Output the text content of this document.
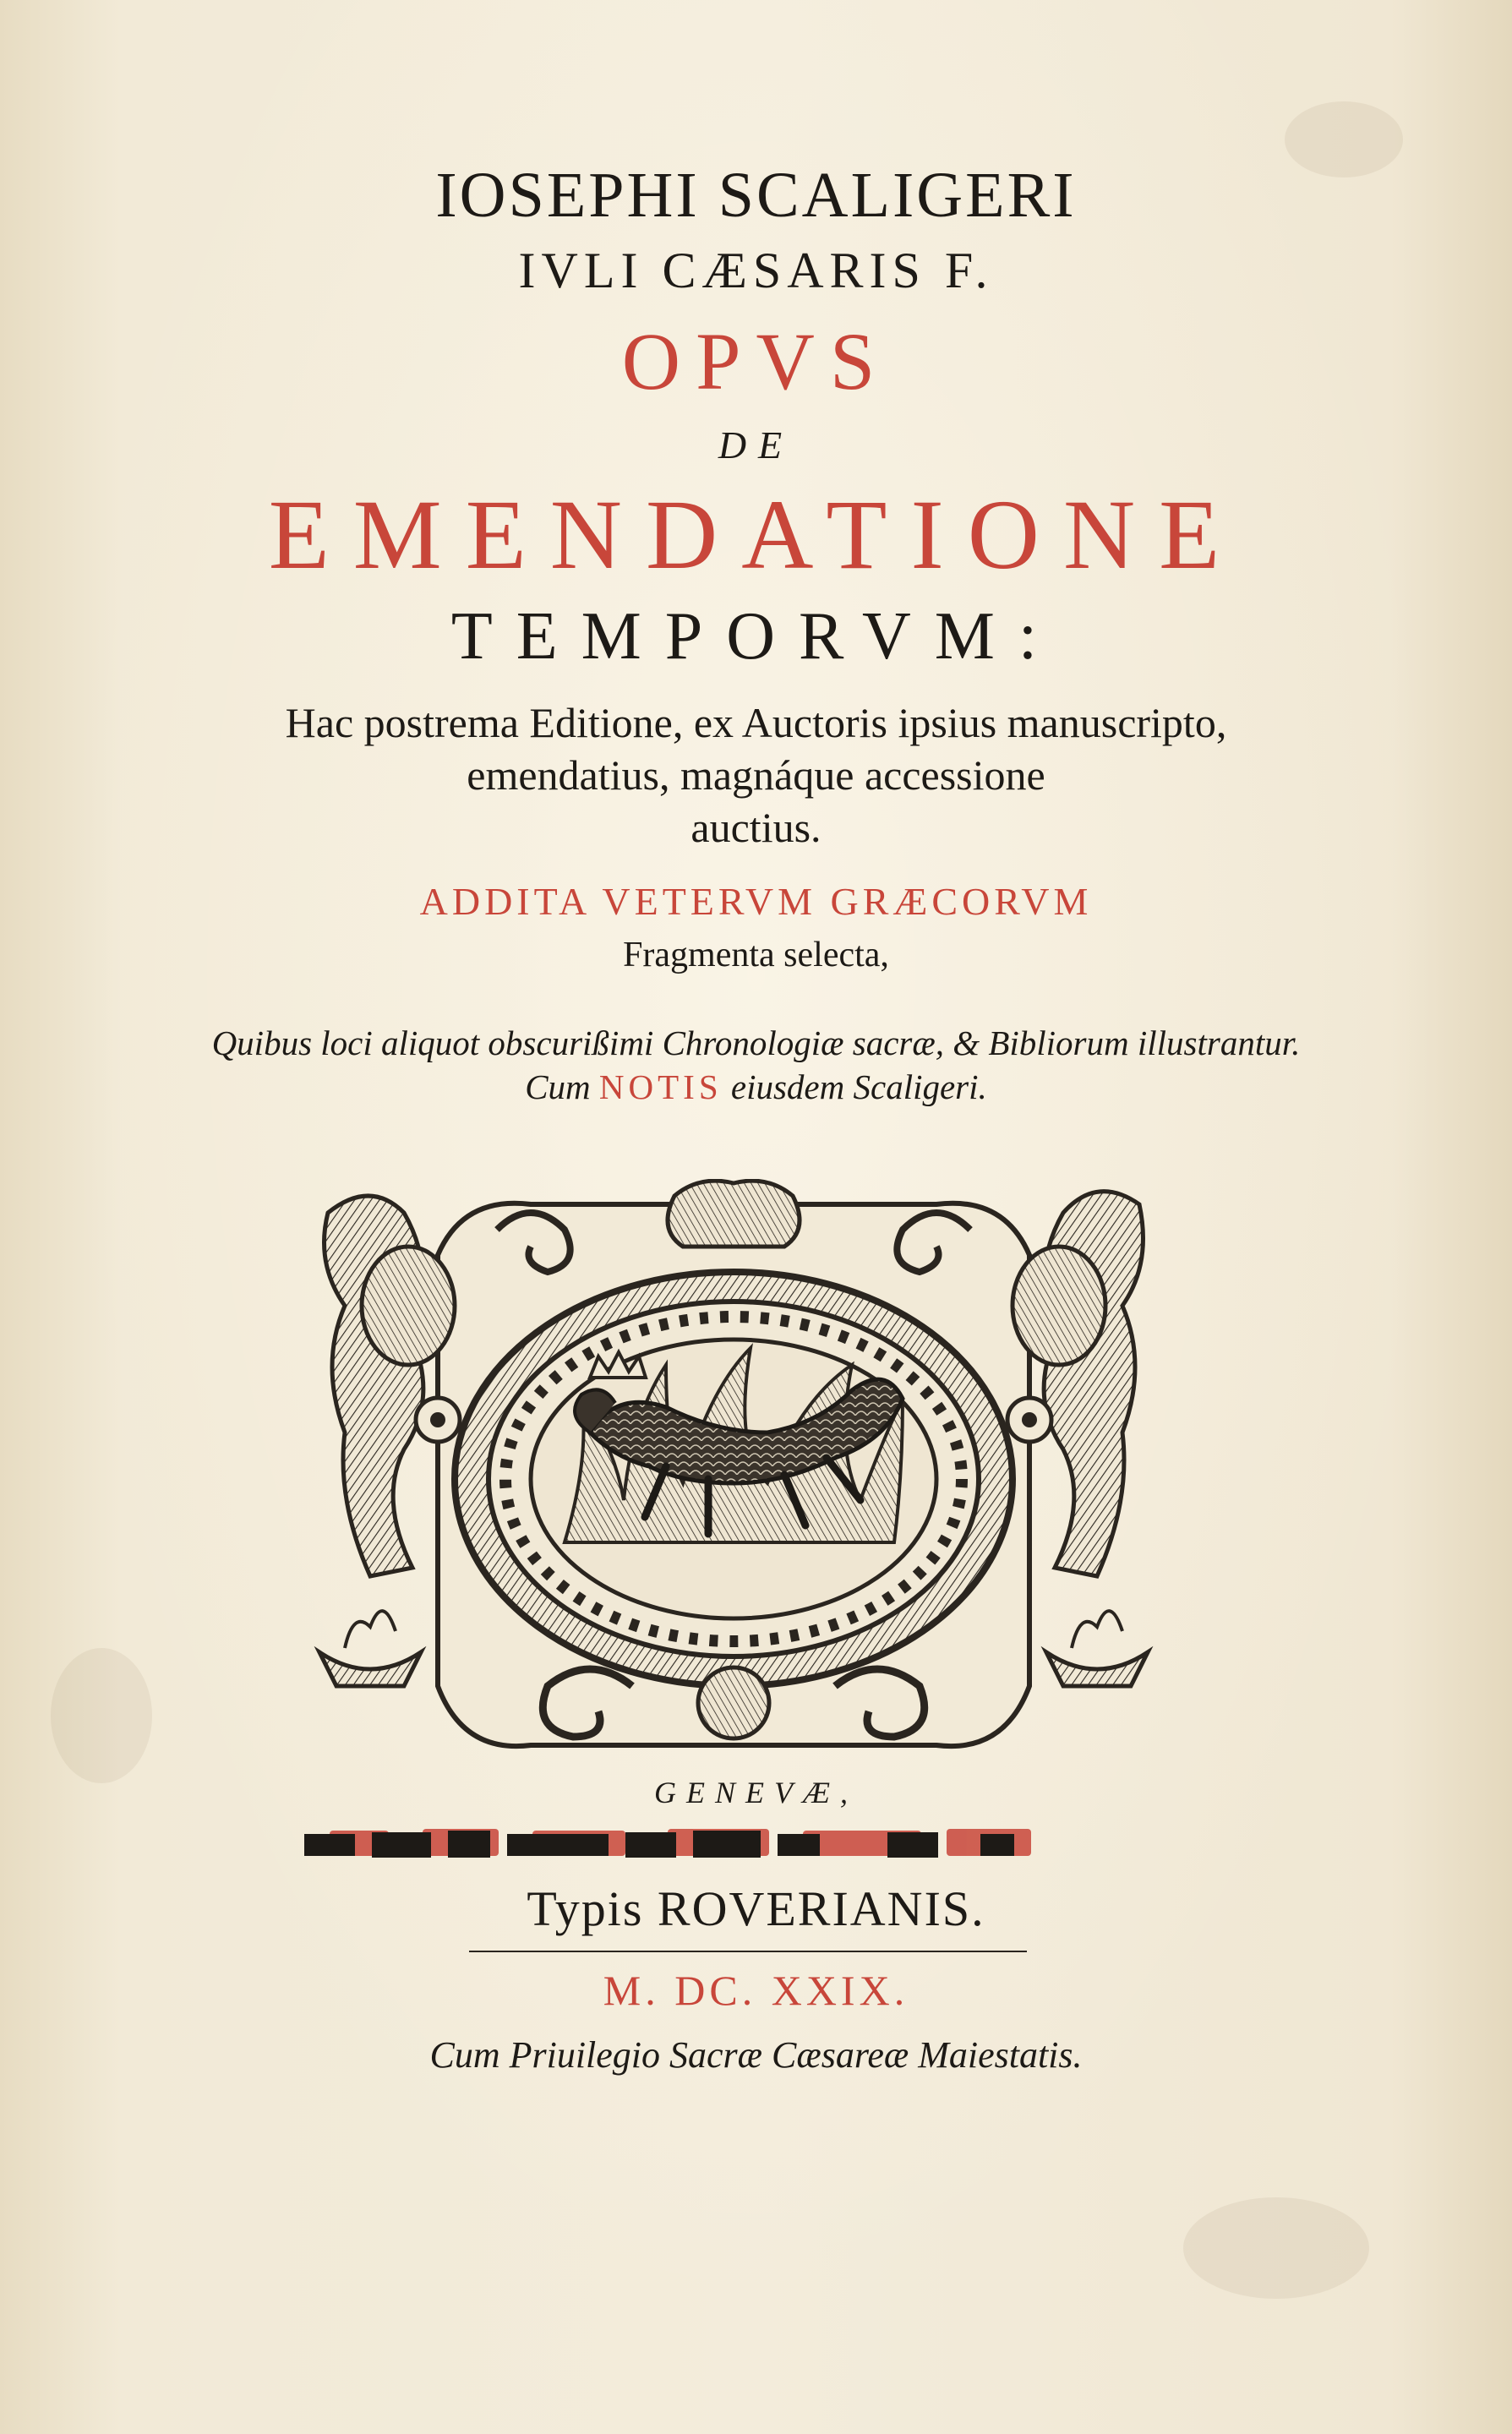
IOSEPHI SCALIGERI
IVLI CÆSARIS F.
OPVS
DE
EMENDATIONE
TEMPORVM:
Hac postrema Editione, ex Auctoris ipsius manuscripto,
emendatius, magnáque accessione
auctius.
ADDITA VETERVM GRÆCORVM
Fragmenta selecta,
Quibus loci aliquot obscurißimi Chronologiæ sacræ, & Bibliorum illustrantur.
Cum NOTIS eiusdem Scaligeri.
GENEVÆ,
Typis ROVERIANIS.
M. DC. XXIX.
Cum Priuilegio Sacræ Cæsareæ Maiestatis.
